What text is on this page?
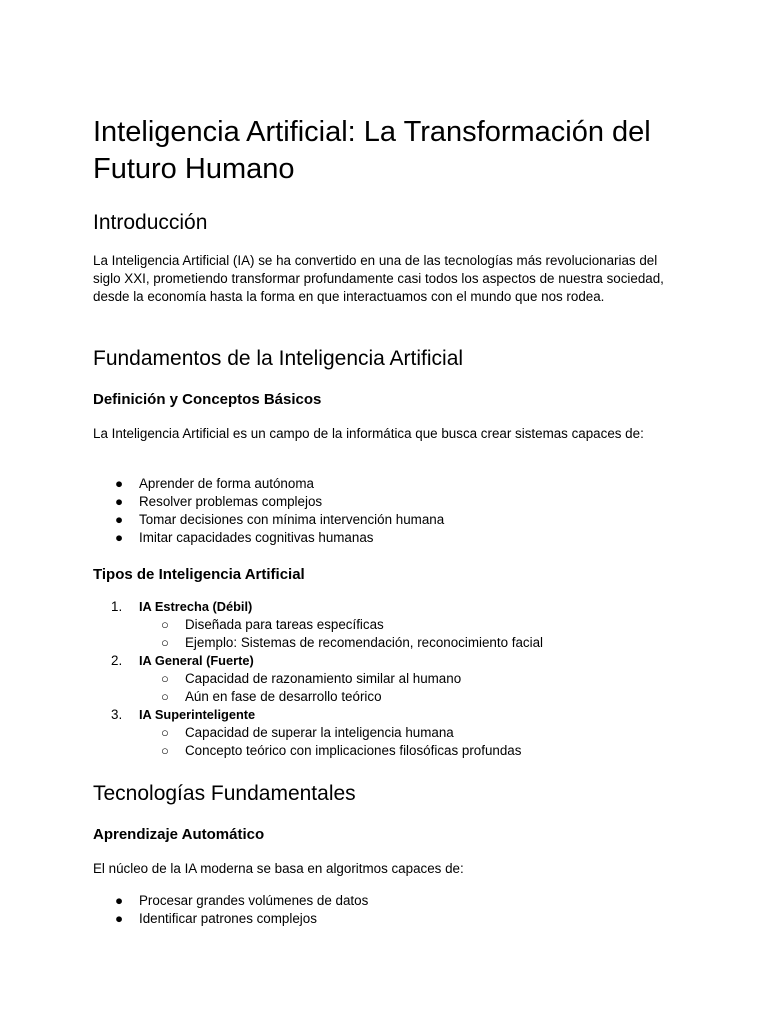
Inteligencia Artificial: La Transformación del Futuro Humano
Introducción

La Inteligencia Artificial (IA) se ha convertido en una de las tecnologías más revolucionarias del siglo XXI, prometiendo transformar profundamente casi todos los aspectos de nuestra sociedad, desde la economía hasta la forma en que interactuamos con el mundo que nos rodea.

Fundamentos de la Inteligencia Artificial
Definición y Conceptos Básicos

La Inteligencia Artificial es un campo de la informática que busca crear sistemas capaces de:

● Aprender de forma autónoma
● Resolver problemas complejos
● Tomar decisiones con mínima intervención humana
● Imitar capacidades cognitivas humanas
Tipos de Inteligencia Artificial
1. IA Estrecha (Débil)
○ Diseñada para tareas específicas
○ Ejemplo: Sistemas de recomendación, reconocimiento facial
2. IA General (Fuerte)
○ Capacidad de razonamiento similar al humano
○ Aún en fase de desarrollo teórico
3. IA Superinteligente
○ Capacidad de superar la inteligencia humana
○ Concepto teórico con implicaciones filosóficas profundas
Tecnologías Fundamentales
Aprendizaje Automático

El núcleo de la IA moderna se basa en algoritmos capaces de:

● Procesar grandes volúmenes de datos
● Identificar patrones complejos
